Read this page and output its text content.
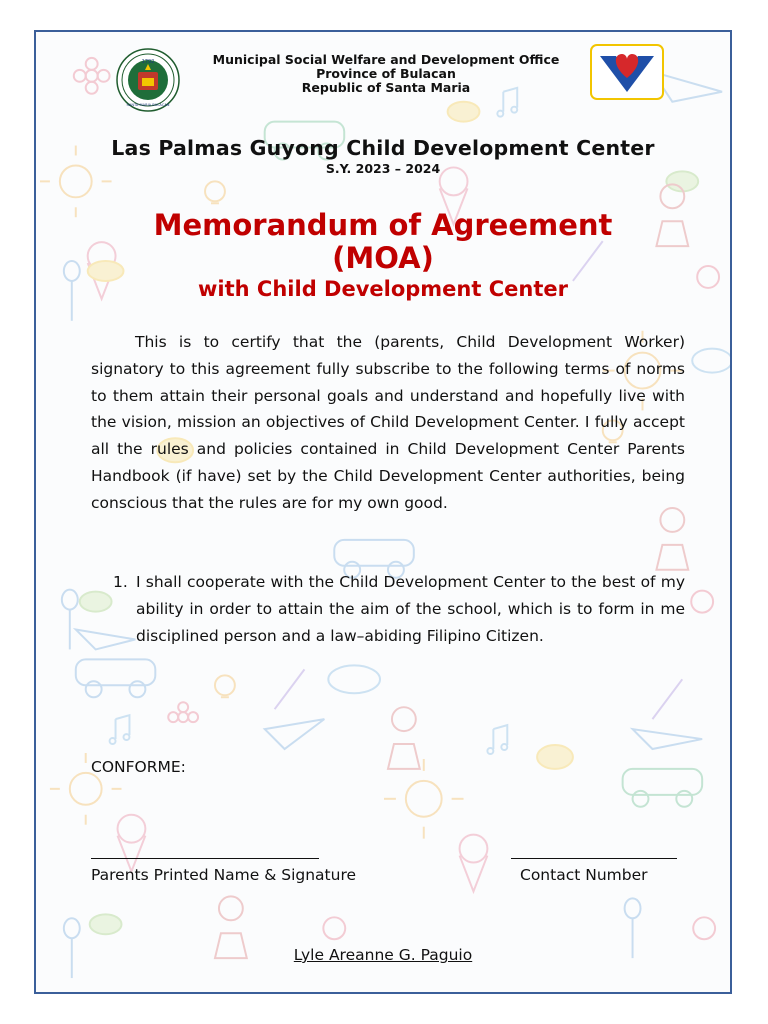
1792
SANTA MARIA BULACAN
Municipal Social Welfare and Development Office
Province of Bulacan
Republic of Santa Maria
Las Palmas Guyong Child Development Center
S.Y. 2023 – 2024
Memorandum of Agreement
(MOA)
with Child Development Center

This is to certify that the (parents, Child Development Worker) signatory to this agreement fully subscribe to the following terms of norms to them attain their personal goals and understand and hopefully live with the vision, mission an objectives of Child Development Center. I fully accept all the rules and policies contained in Child Development Center Parents Handbook (if have) set by the Child Development Center authorities, being conscious that the rules are for my own good.

1. I shall cooperate with the Child Development Center to the best of my ability in order to attain the aim of the school, which is to form in me disciplined person and a law–abiding Filipino Citizen.
CONFORME:
Parents Printed Name & Signature	Contact Number
Lyle Areanne G. Paguio
